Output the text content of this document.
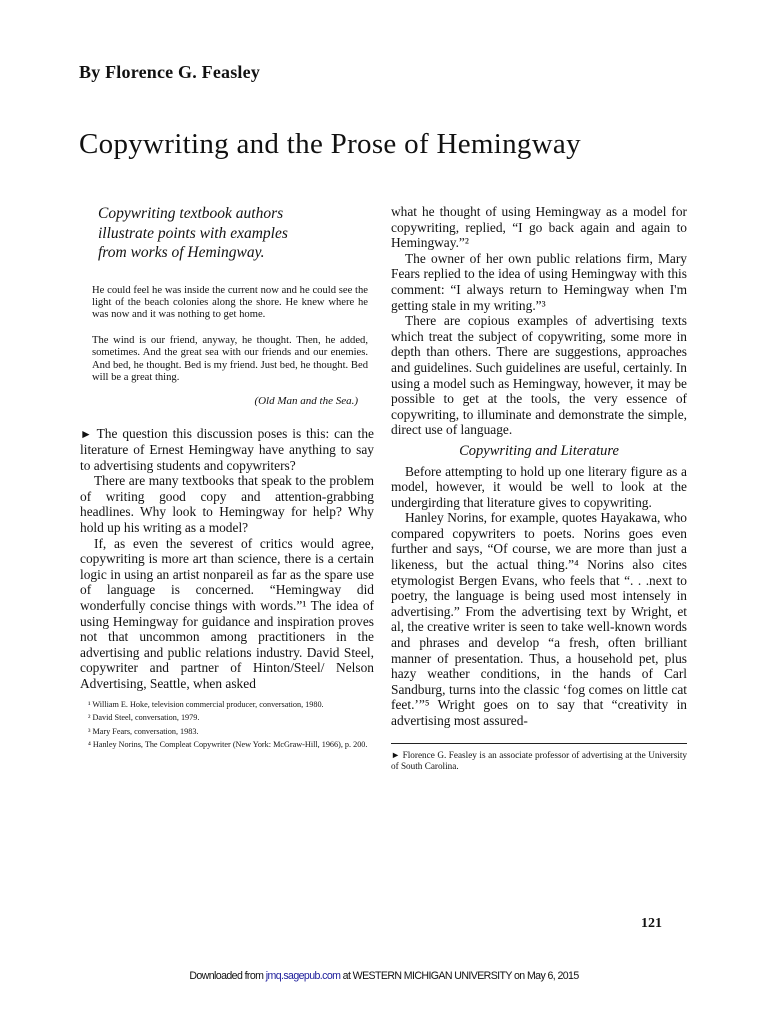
By Florence G. Feasley
Copywriting and the Prose of Hemingway

Copywriting textbook authors illustrate points with examples from works of Hemingway.

He could feel he was inside the current now and he could see the light of the beach colonies along the shore. He knew where he was now and it was nothing to get home.

The wind is our friend, anyway, he thought. Then, he added, sometimes. And the great sea with our friends and our enemies. And bed, he thought. Bed is my friend. Just bed, he thought. Bed will be a great thing.

(Old Man and the Sea.)

► The question this discussion poses is this: can the literature of Ernest Hemingway have anything to say to advertising students and copywriters?

There are many textbooks that speak to the problem of writing good copy and attention-grabbing headlines. Why look to Hemingway for help? Why hold up his writing as a model?

If, as even the severest of critics would agree, copywriting is more art than science, there is a certain logic in using an artist nonpareil as far as the spare use of language is concerned. “Hemingway did wonderfully concise things with words.”¹ The idea of using Hemingway for guidance and inspiration proves not that uncommon among practitioners in the advertising and public relations industry. David Steel, copywriter and partner of Hinton/Steel/ Nelson Advertising, Seattle, when asked

¹ William E. Hoke, television commercial producer, conversation, 1980.

² David Steel, conversation, 1979.

³ Mary Fears, conversation, 1983.

⁴ Hanley Norins, The Compleat Copywriter (New York: McGraw-Hill, 1966), p. 200.

what he thought of using Hemingway as a model for copywriting, replied, “I go back again and again to Hemingway.”²

The owner of her own public relations firm, Mary Fears replied to the idea of using Hemingway with this comment: “I always return to Hemingway when I'm getting stale in my writing.”³

There are copious examples of advertising texts which treat the subject of copywriting, some more in depth than others. There are suggestions, approaches and guidelines. Such guidelines are useful, certainly. In using a model such as Hemingway, however, it may be possible to get at the tools, the very essence of copywriting, to illuminate and demonstrate the simple, direct use of language.

Copywriting and Literature

Before attempting to hold up one literary figure as a model, however, it would be well to look at the undergirding that literature gives to copywriting.

Hanley Norins, for example, quotes Hayakawa, who compared copywriters to poets. Norins goes even further and says, “Of course, we are more than just a likeness, but the actual thing.”⁴ Norins also cites etymologist Bergen Evans, who feels that “. . .next to poetry, the language is being used most intensely in advertising.” From the advertising text by Wright, et al, the creative writer is seen to take well-known words and phrases and develop “a fresh, often brilliant manner of presentation. Thus, a household pet, plus hazy weather conditions, in the hands of Carl Sandburg, turns into the classic ‘fog comes on little cat feet.’”⁵ Wright goes on to say that “creativity in advertising most assured-

► Florence G. Feasley is an associate professor of advertising at the University of South Carolina.

121
Downloaded from jmq.sagepub.com at WESTERN MICHIGAN UNIVERSITY on May 6, 2015
